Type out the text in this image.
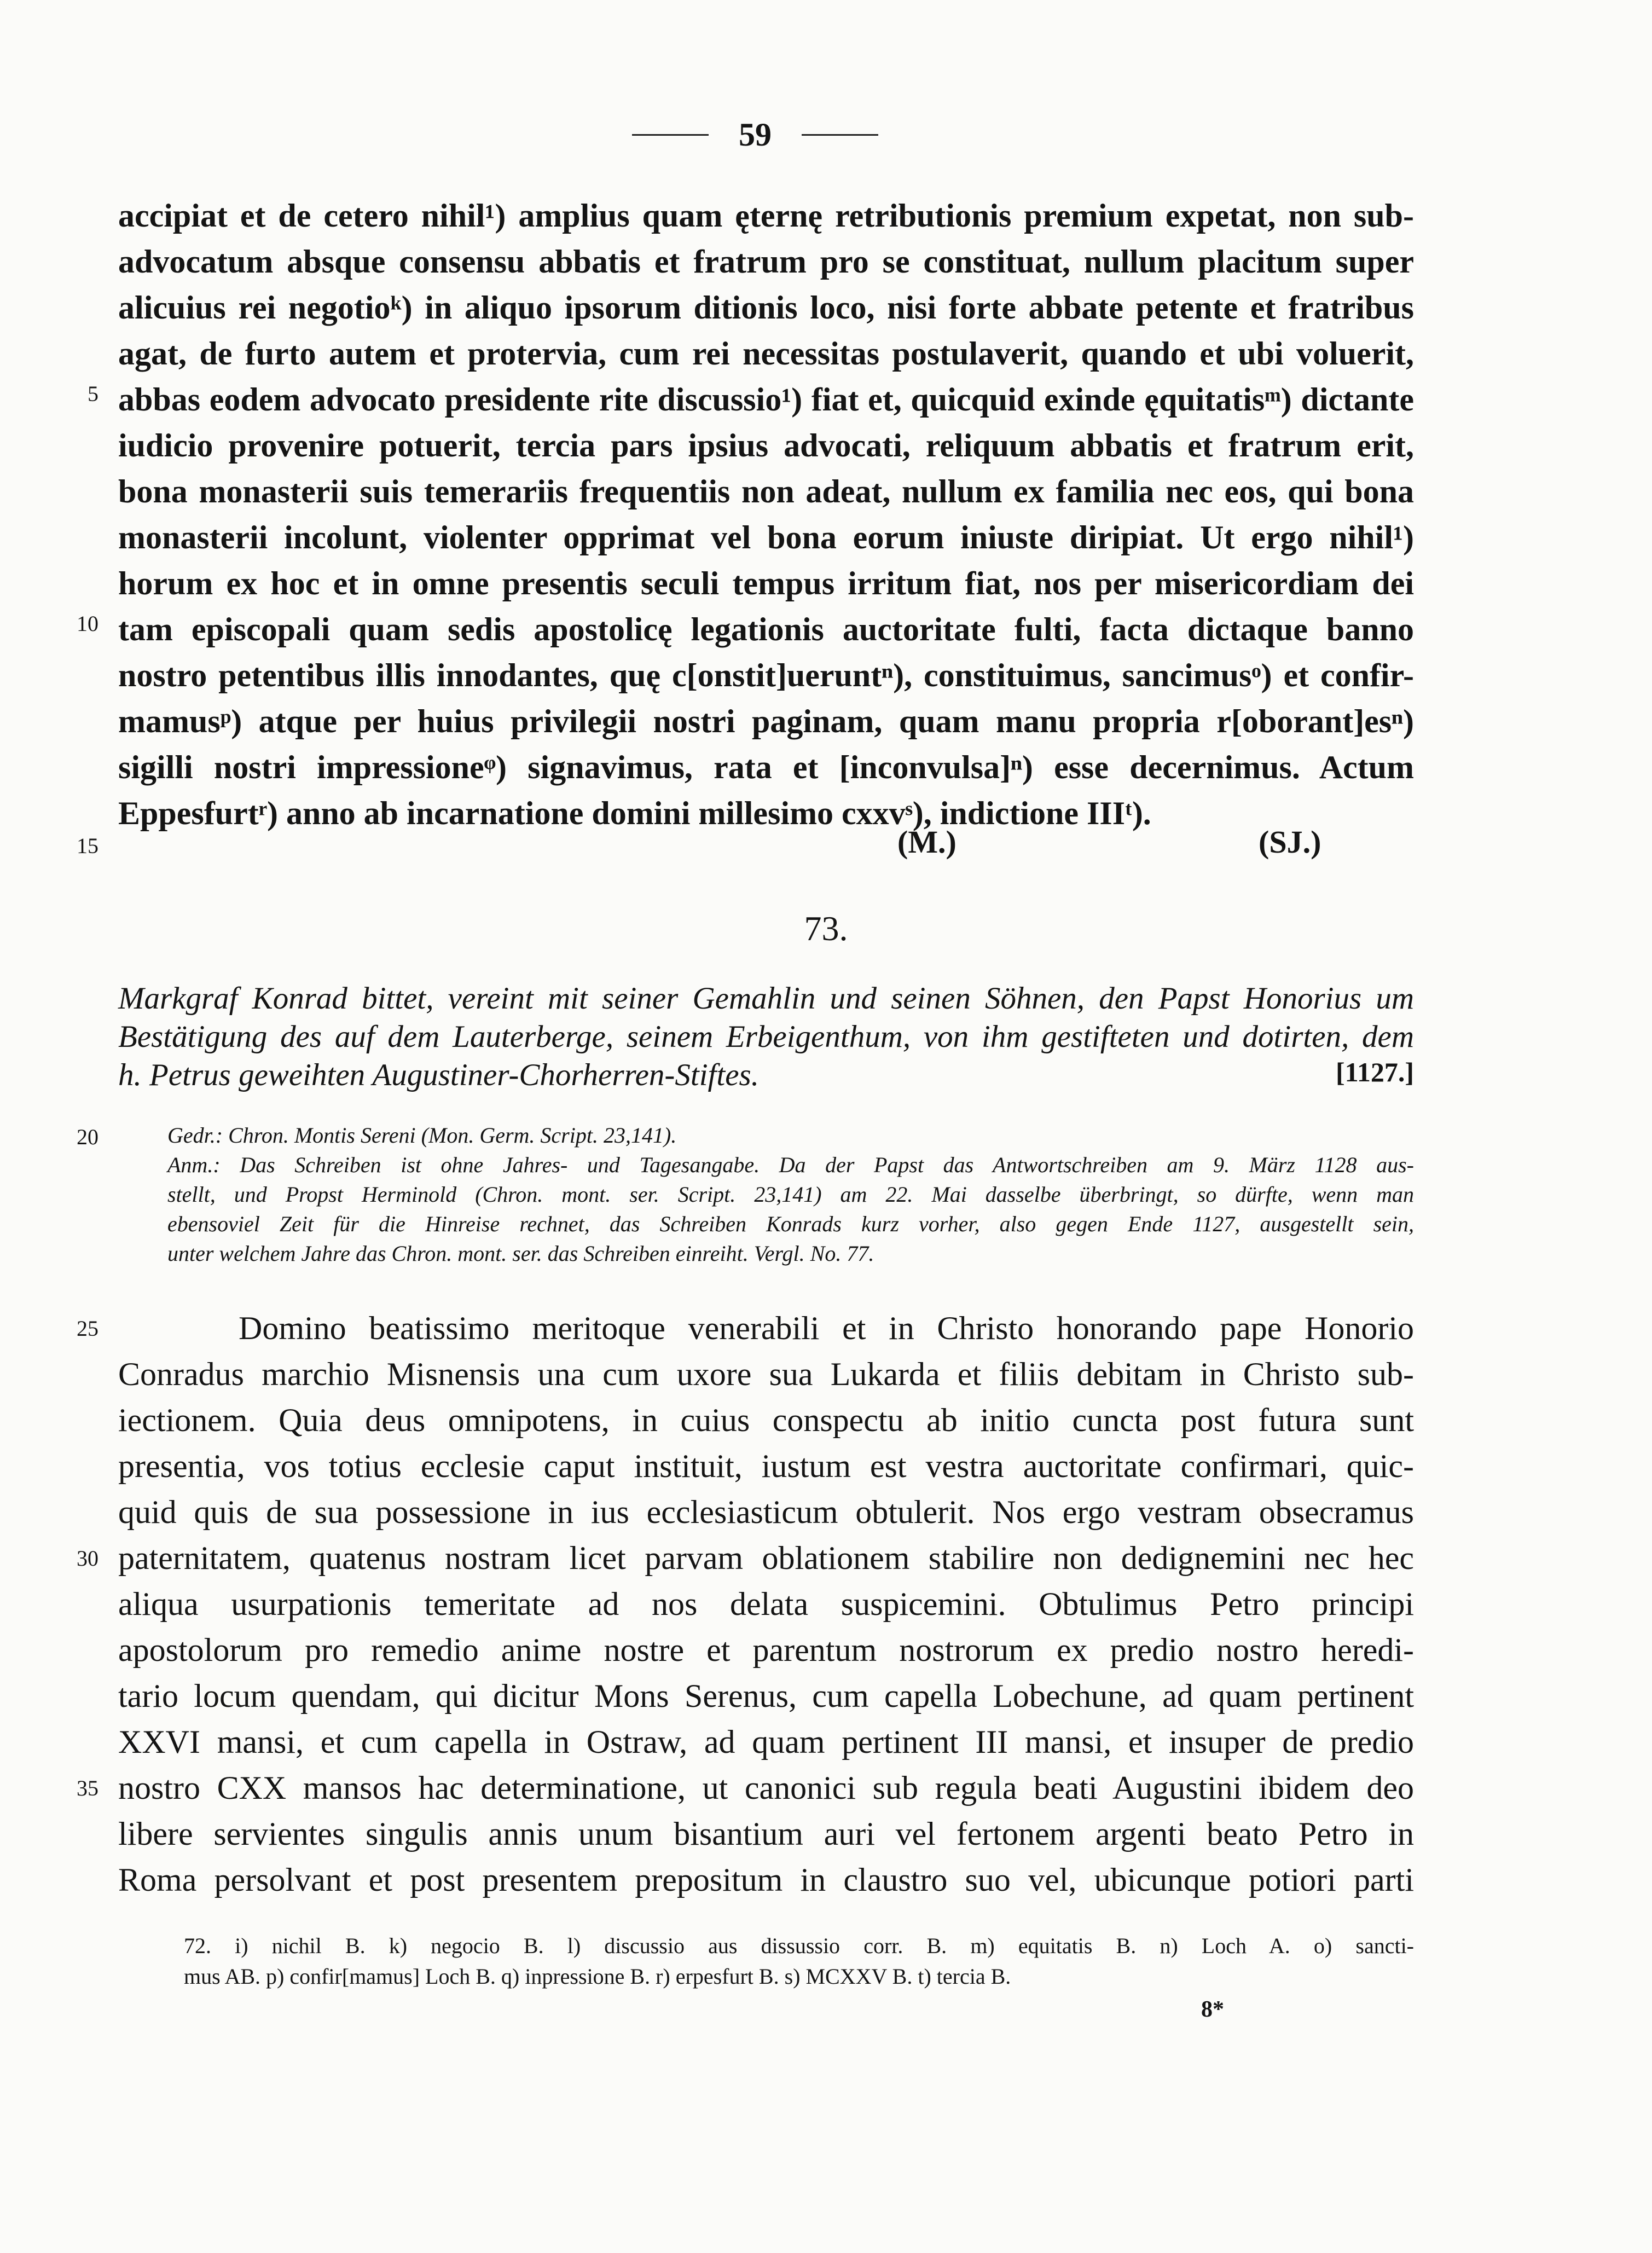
59
accipiat et de cetero nihil¹) amplius quam ęternę retributionis premium expetat, non sub-
advocatum absque consensu abbatis et fratrum pro se constituat, nullum placitum super
alicuius rei negotioᵏ) in aliquo ipsorum ditionis loco, nisi forte abbate petente et fratribus
agat, de furto autem et protervia, cum rei necessitas postulaverit, quando et ubi voluerit,
abbas eodem advocato presidente rite discussio¹) fiat et, quicquid exinde ęquitatisᵐ) dictante
iudicio provenire potuerit, tercia pars ipsius advocati, reliquum abbatis et fratrum erit,
bona monasterii suis temerariis frequentiis non adeat, nullum ex familia nec eos, qui bona
monasterii incolunt, violenter opprimat vel bona eorum iniuste diripiat. Ut ergo nihil¹)
horum ex hoc et in omne presentis seculi tempus irritum fiat, nos per misericordiam dei
tam episcopali quam sedis apostolicę legationis auctoritate fulti, facta dictaque banno
nostro petentibus illis innodantes, quę c[onstit]ueruntⁿ), constituimus, sancimusᵒ) et confir-
mamusᵖ) atque per huius privilegii nostri paginam, quam manu propria r[oborant]esⁿ)
sigilli nostri impressioneᵠ) signavimus, rata et [inconvulsa]ⁿ) esse decernimus. Actum
Eppesfurtʳ) anno ab incarnatione domini millesimo cxxvˢ), indictione IIIᵗ).
5
10
15
20
25
30
35
(M.)	(SJ.)
73.
Markgraf Konrad bittet, vereint mit seiner Gemahlin und seinen Söhnen, den Papst Honorius um
Bestätigung des auf dem Lauterberge, seinem Erbeigenthum, von ihm gestifteten und dotirten, dem
h. Petrus geweihten Augustiner-Chorherren-Stiftes.	[1127.]
Gedr.: Chron. Montis Sereni (Mon. Germ. Script. 23,141).
Anm.: Das Schreiben ist ohne Jahres- und Tagesangabe. Da der Papst das Antwortschreiben am 9. März 1128 aus-
stellt, und Propst Herminold (Chron. mont. ser. Script. 23,141) am 22. Mai dasselbe überbringt, so dürfte, wenn man
ebensoviel Zeit für die Hinreise rechnet, das Schreiben Konrads kurz vorher, also gegen Ende 1127, ausgestellt sein,
unter welchem Jahre das Chron. mont. ser. das Schreiben einreiht. Vergl. No. 77.
Domino beatissimo meritoque venerabili et in Christo honorando pape Honorio
Conradus marchio Misnensis una cum uxore sua Lukarda et filiis debitam in Christo sub-
iectionem. Quia deus omnipotens, in cuius conspectu ab initio cuncta post futura sunt
presentia, vos totius ecclesie caput instituit, iustum est vestra auctoritate confirmari, quic-
quid quis de sua possessione in ius ecclesiasticum obtulerit. Nos ergo vestram obsecramus
paternitatem, quatenus nostram licet parvam oblationem stabilire non dedignemini nec hec
aliqua usurpationis temeritate ad nos delata suspicemini. Obtulimus Petro principi
apostolorum pro remedio anime nostre et parentum nostrorum ex predio nostro heredi-
tario locum quendam, qui dicitur Mons Serenus, cum capella Lobechune, ad quam pertinent
XXVI mansi, et cum capella in Ostraw, ad quam pertinent III mansi, et insuper de predio
nostro CXX mansos hac determinatione, ut canonici sub regula beati Augustini ibidem deo
libere servientes singulis annis unum bisantium auri vel fertonem argenti beato Petro in
Roma persolvant et post presentem prepositum in claustro suo vel, ubicunque potiori parti
72. i) nichil B. k) negocio B. l) discussio aus dissussio corr. B. m) equitatis B. n) Loch A. o) sancti-
mus AB. p) confir[mamus] Loch B. q) inpressione B. r) erpesfurt B. s) MCXXV B. t) tercia B.
8*
